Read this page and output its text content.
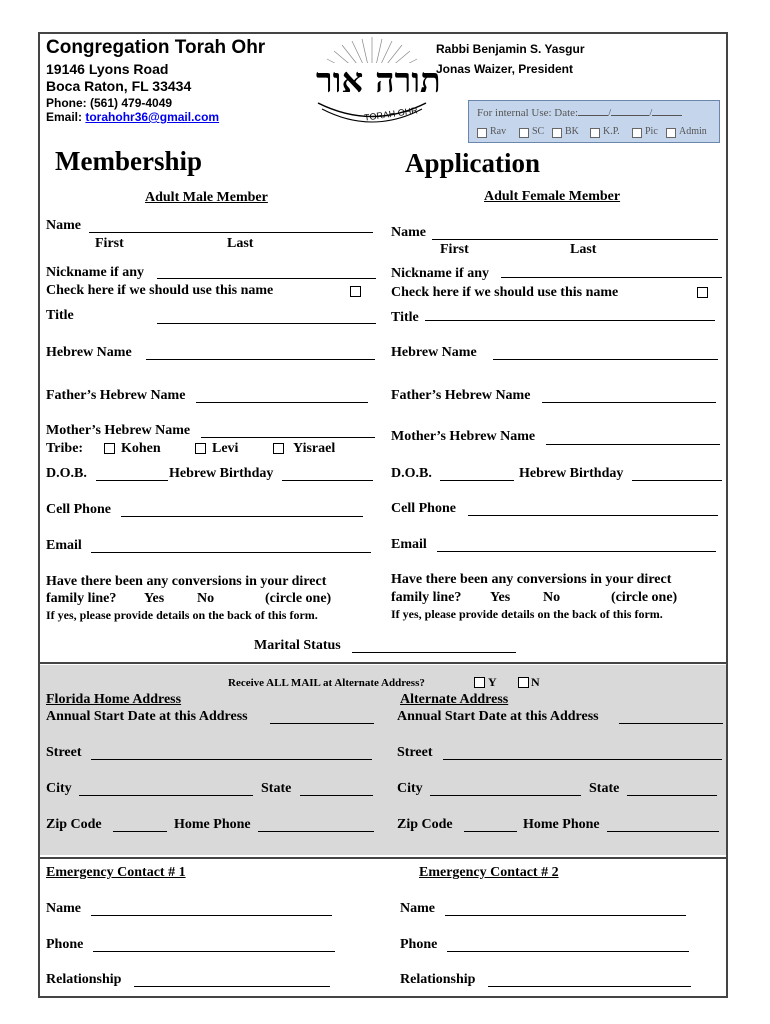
Congregation Torah Ohr
19146 Lyons Road
Boca Raton, FL 33434
Phone: (561) 479-4049
Email: torahohr36@gmail.com
תורה אור
TORAH OHR
Rabbi Benjamin S. Yasgur
Jonas Waizer, President
For internal Use: Date:	/	/
Rav	SC BK K.P.	Pic Admin
Membership	Application
Adult Male Member
Name
First	Last
Nickname if any
Check here if we should use this name
Title
Hebrew Name
Father’s Hebrew Name
Mother’s Hebrew Name
Tribe:	Kohen	Levi	Yisrael
D.O.B.	Hebrew Birthday
Cell Phone
Email
Have there been any conversions in your direct
family line? Yes No	(circle one)
If yes, please provide details on the back of this form.
Adult Female Member
Name
First	Last
Nickname if any
Check here if we should use this name
Title
Hebrew Name
Father’s Hebrew Name
Mother’s Hebrew Name
D.O.B.	Hebrew Birthday
Cell Phone
Email
Have there been any conversions in your direct
family line? Yes No	(circle one)
If yes, please provide details on the back of this form.
Marital Status
Receive ALL MAIL at Alternate Address?	Y	N
Florida Home Address	Alternate Address
Annual Start Date at this Address	Annual Start Date at this Address
Street	Street
City	State	City	State
Zip Code	Home Phone	Zip Code	Home Phone
Emergency Contact # 1	Emergency Contact # 2
Name	Name
Phone	Phone
Relationship	Relationship
